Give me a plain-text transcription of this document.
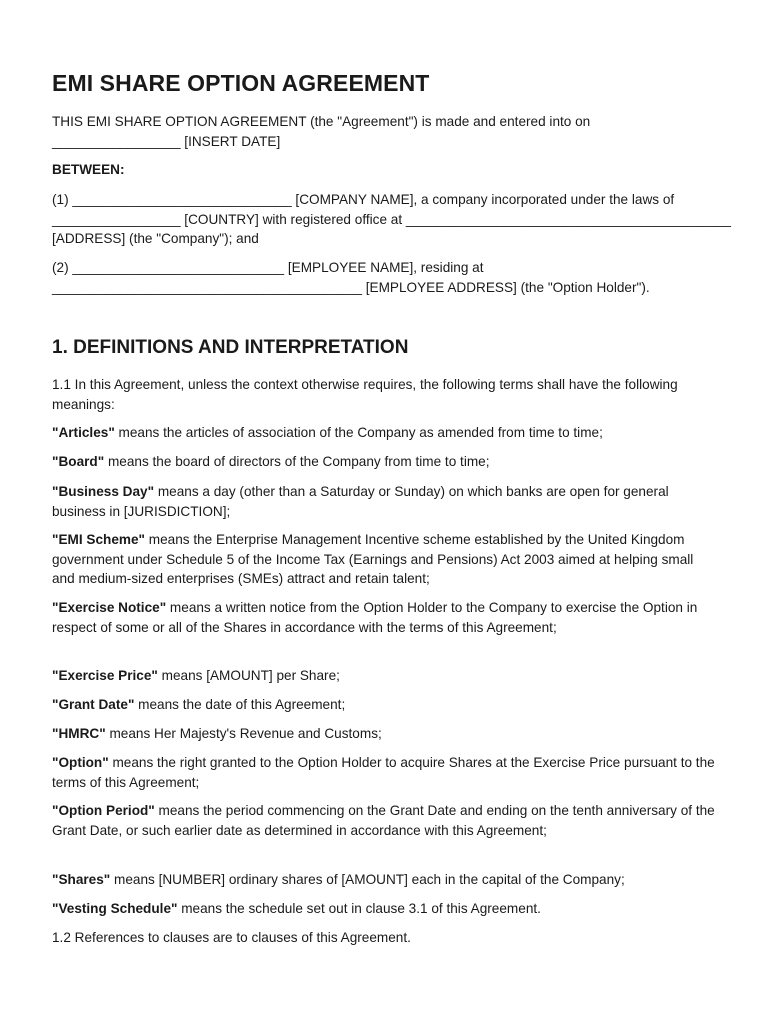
EMI SHARE OPTION AGREEMENT

THIS EMI SHARE OPTION AGREEMENT (the "Agreement") is made and entered into on _________________ [INSERT DATE]

BETWEEN:

(1) _____________________________ [COMPANY NAME], a company incorporated under the laws of _________________ [COUNTRY] with registered office at ___________________________________________ [ADDRESS] (the "Company"); and

(2) ____________________________ [EMPLOYEE NAME], residing at _________________________________________ [EMPLOYEE ADDRESS] (the "Option Holder").

1. DEFINITIONS AND INTERPRETATION

1.1 In this Agreement, unless the context otherwise requires, the following terms shall have the following meanings:

"Articles" means the articles of association of the Company as amended from time to time;

"Board" means the board of directors of the Company from time to time;

"Business Day" means a day (other than a Saturday or Sunday) on which banks are open for general business in [JURISDICTION];

"EMI Scheme" means the Enterprise Management Incentive scheme established by the United Kingdom government under Schedule 5 of the Income Tax (Earnings and Pensions) Act 2003 aimed at helping small and medium-sized enterprises (SMEs) attract and retain talent;

"Exercise Notice" means a written notice from the Option Holder to the Company to exercise the Option in respect of some or all of the Shares in accordance with the terms of this Agreement;

"Exercise Price" means [AMOUNT] per Share;

"Grant Date" means the date of this Agreement;

"HMRC" means Her Majesty's Revenue and Customs;

"Option" means the right granted to the Option Holder to acquire Shares at the Exercise Price pursuant to the terms of this Agreement;

"Option Period" means the period commencing on the Grant Date and ending on the tenth anniversary of the Grant Date, or such earlier date as determined in accordance with this Agreement;

"Shares" means [NUMBER] ordinary shares of [AMOUNT] each in the capital of the Company;

"Vesting Schedule" means the schedule set out in clause 3.1 of this Agreement.

1.2 References to clauses are to clauses of this Agreement.
